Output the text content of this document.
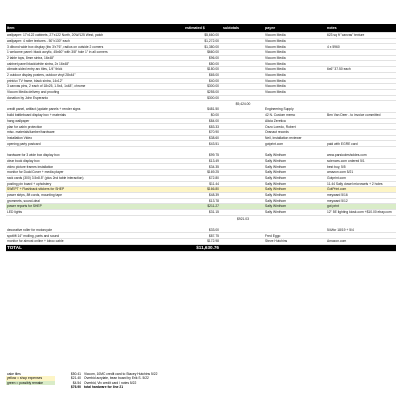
item	estimated $	subtotals	payee	notes
wallpaper: 17'x122 cabinets, 27'x122 North, 20W/125 West, patch	$5,660.00		Viccom Media	623 sq ft "canvas" texture
wallpaper: 4 roller textures - 50"x130" each	$1,272.00		Viccom Media	
3 dibond wide box display (tbc 3'x7'6", radius on outside 2 corners	$1,380.00		Viccom Media	4 x 5960
1 welcome panel: black acrylic, 45x60" with 3/8" hole 1" in all corners	$660.00		Viccom Media	
2 table tops, 8mm sintra, 16x48"	$96.00		Viccom Media	
cabinet panel black/white sintra, 2x 16x48"	$80.00		Viccom Media	
climate-sided entry arc tiles, 1/4" thick	$180.00		Viccom Media	6x6" 37.50 each
2 outdoor display posters, outdoor vinyl 28x44"	$65.00		Viccom Media	
print/ux TV frame, black sintra, 14x12"	$40.00		Viccom Media	
3 canvas pins, 2 each of 18x25, 1.5x4, 1x48", chrome	$300.00		Viccom Media	
Viccom Media delivery and proofing	$255.00		Viccom Media	
donation by John Esperanto	$300.00			
		$9,424.00		
credit panel, artifact (update panels + render signs	$481.50		Engineering Supply	
build battleboard display box + materials	$0.00		42 N. Custom memo	Ben Van Deer - to invoice committed
hang wallpaper	$84.00		Alicia Zeretica	
plan for cabin protection	$83.33		Ozzo Loredo, Robert	
misc. materials/lumber/hardware	$70.90		Oranaut records	
Installation Video	$38.60		Neil, Installation reviewer	
opening party postcard	$43.51		gotprint.com	paid with EGRE card

hardware for 3 wide box display box	$99.75		Sally Winthorn	www.parsicolesholdes.com
clear book display box	$13.49		Sally Winthorn	sciences.com ordered 5/1
video picture frames installation	$34.35		Sally Winthorn	best buy, 5/5
monitor for Duck/Cover + media player	$169.25		Sally Winthorn	amazon.com 5/21
rack cards (300) 3.5x8.5" (plus 2nd table interaction)	$72.80		Sally Winthorn	Gotprint.com
posting pin board + upholstery	$11.44		Sally Winthorn	11.44 Sally dowel microwels + 2 holes
SWEPT + Flashback stickers for SHEP	$166.80		Sally Winthorn	GotPrint.com
power strips, 8ft cords, mounting tape	$48.39		Sally Winthorn	meyward 5/16
grommets, sound-deal	$13.78		Sally Winthorn	meyward 5/12
power reports for SHEP	$211.27		Sally Winthorn	got print
LED lights	$31.15		Sally Winthorn	12" 5E lighting kiosk.com +$10.00 ebay.com
		$921.03		

decorative roller for motorcycle	$33.00			5/4/for 18/19 + 5/4
spotlift 14" moiling, parts and sound	$87.75		Fred Eggo	
monitor for almost online + loboc cable	$172.98		Steve Hutchins	Amazon.com
TOTAL	$11,630.76			
cake tiles	$50.41 Viccom, 10MC credit card to Stacey Hutchins 5/22
yellow = shop expenses	$21.40 Overbid acrylate, bean board by Erik S. 5/22
green = possibly remake	$4.54 Overbid, Viv credit card / notes 5/22
$76.90 total hardware for line 21
